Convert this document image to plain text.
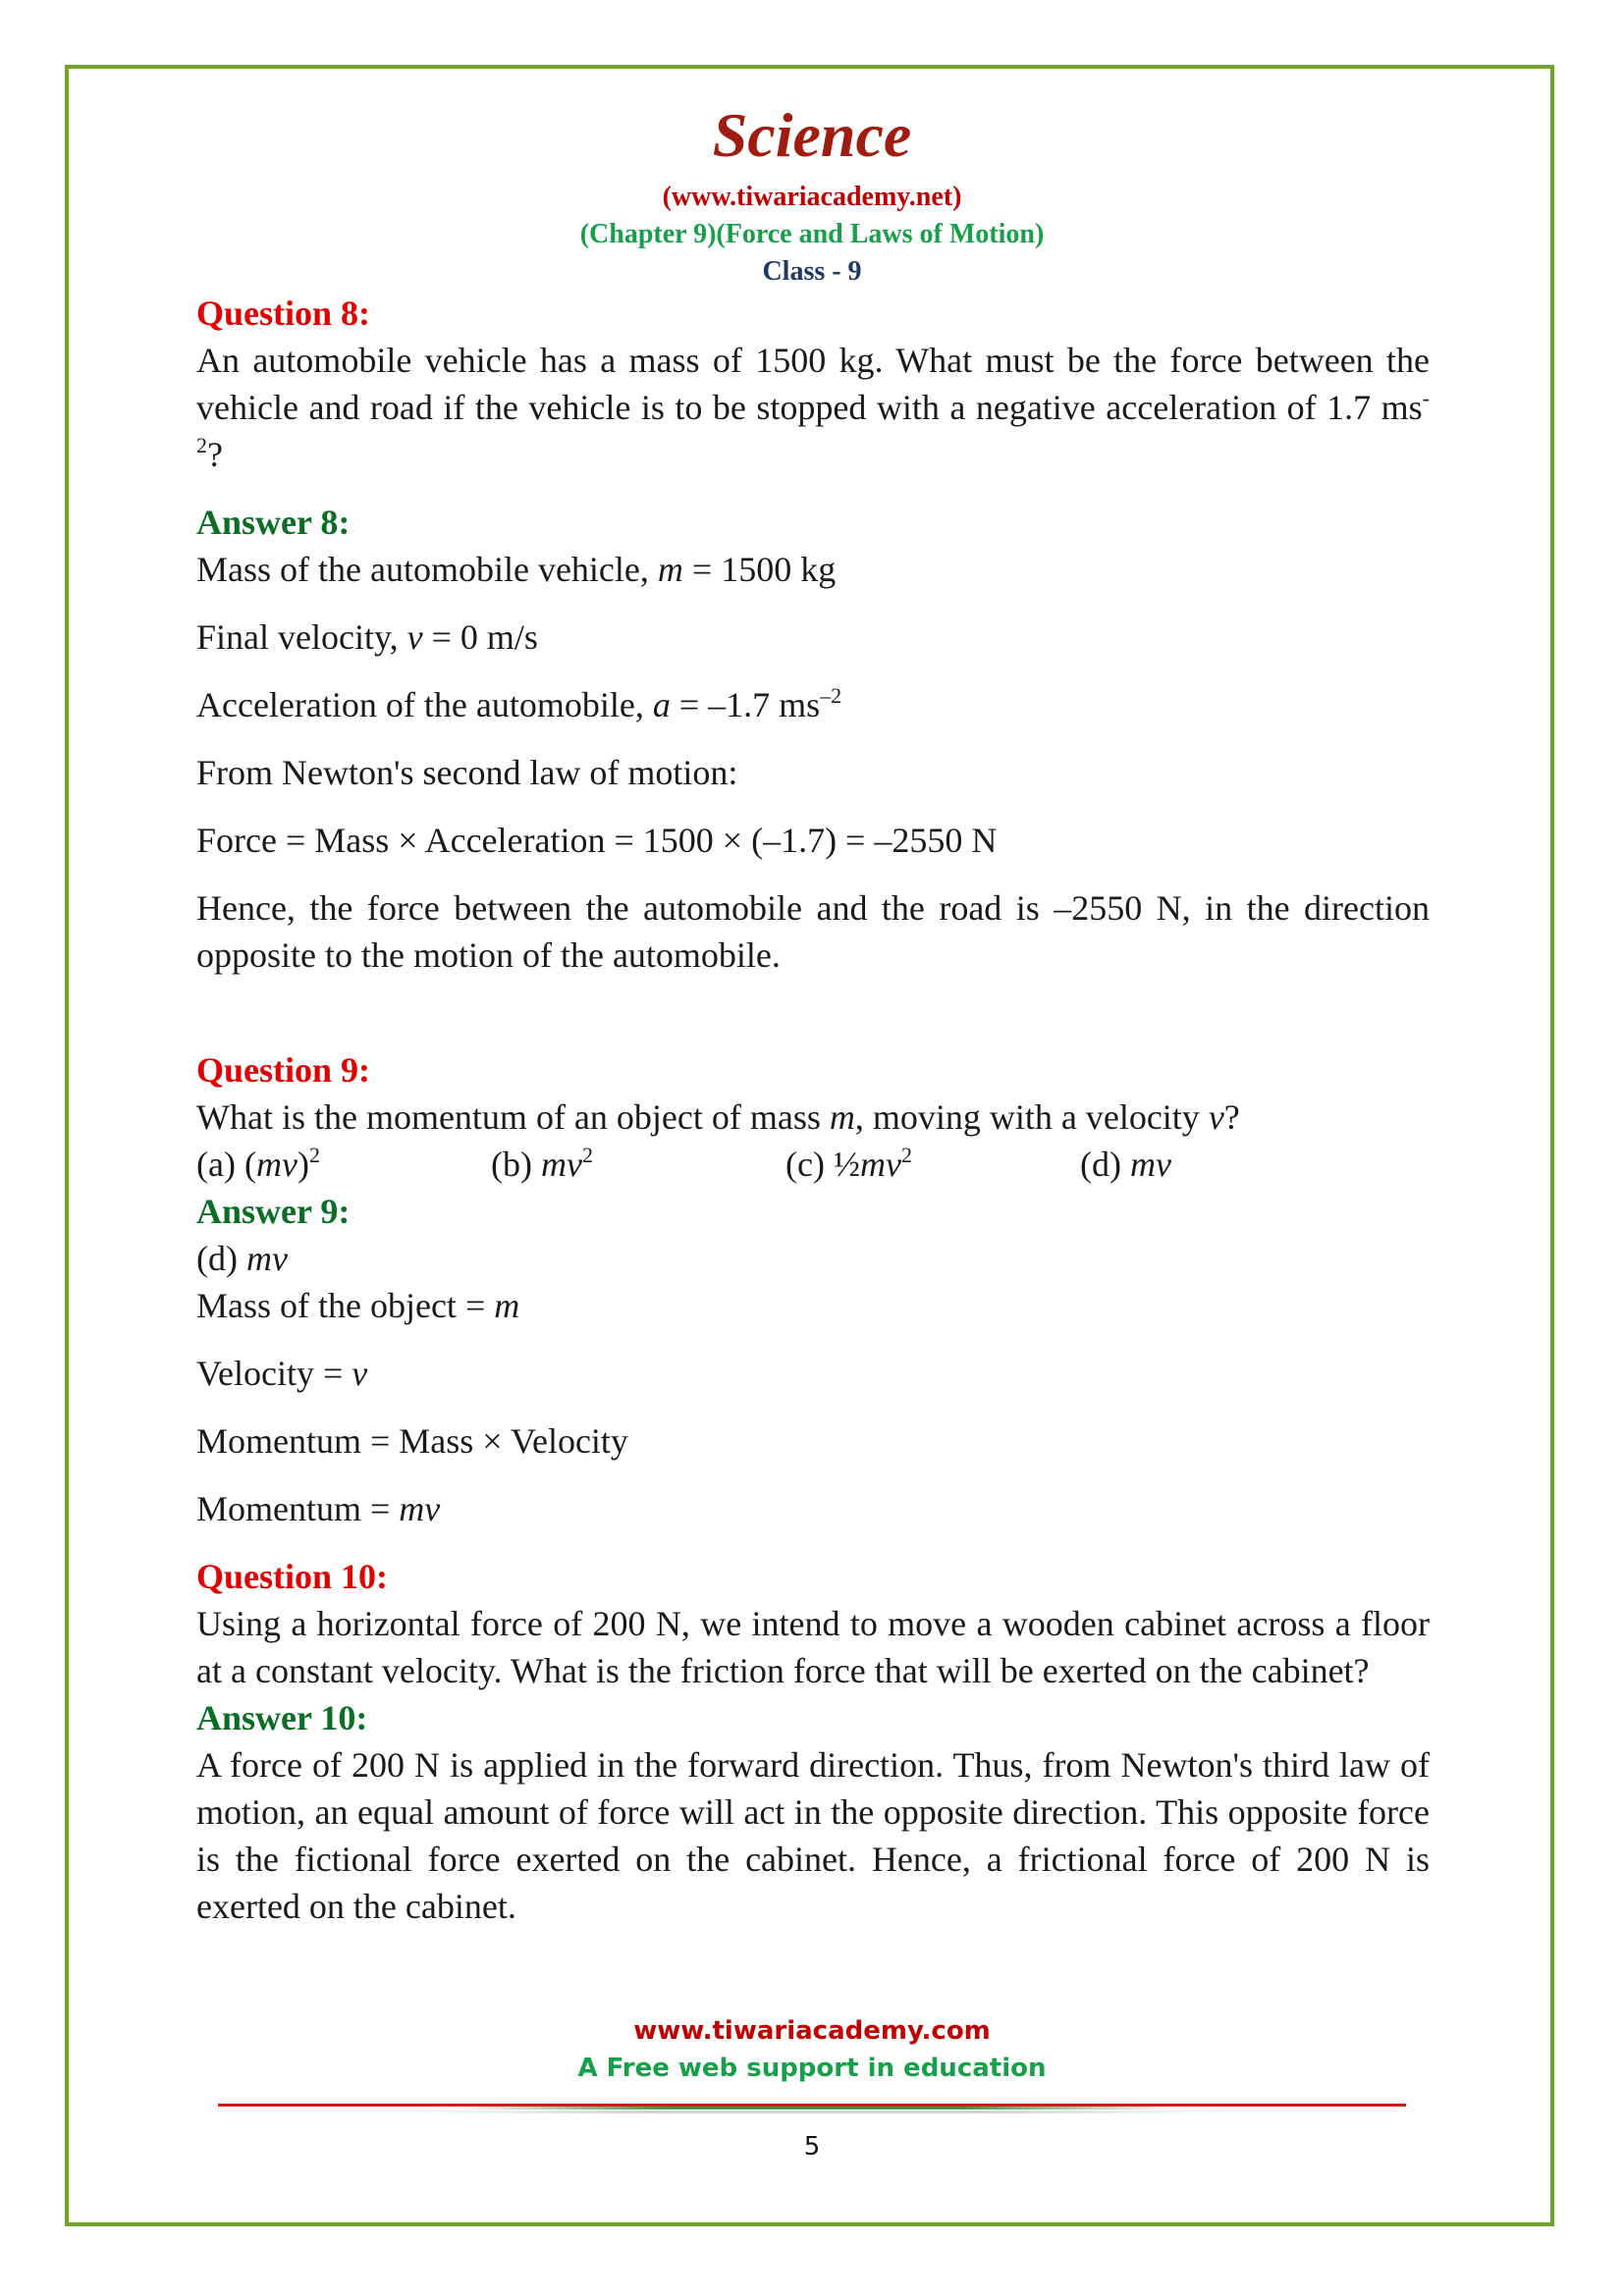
Science
(www.tiwariacademy.net)
(Chapter 9)(Force and Laws of Motion)
Class - 9
Question 8:
An automobile vehicle has a mass of 1500 kg. What must be the force between the vehicle and road if the vehicle is to be stopped with a negative acceleration of 1.7 $ms^{-2}$?
Answer 8:
Mass of the automobile vehicle, m = 1500 kg
Final velocity, v = 0 m/s
Acceleration of the automobile, a = –1.7 $ms^{-2}$
From Newton's second law of motion:
Force = Mass × Acceleration = 1500 × (–1.7) = –2550 N
Hence, the force between the automobile and the road is –2550 N, in the direction opposite to the motion of the automobile.
Question 9:
What is the momentum of an object of mass m, moving with a velocity v?
(a) (mv)$^2$	(b) $mv^2$	(c) $\frac{1}{2}mv^2$	(d) mv
Answer 9:
(d) mv
Mass of the object = m
Velocity = v
Momentum = Mass × Velocity
Momentum = mv
Question 10:
Using a horizontal force of 200 N, we intend to move a wooden cabinet across a floor at a constant velocity. What is the friction force that will be exerted on the cabinet?
Answer 10:
A force of 200 N is applied in the forward direction. Thus, from Newton's third law of motion, an equal amount of force will act in the opposite direction. This opposite force is the fictional force exerted on the cabinet. Hence, a frictional force of 200 N is exerted on the cabinet.
www.tiwariacademy.com
A Free web support in education
5
